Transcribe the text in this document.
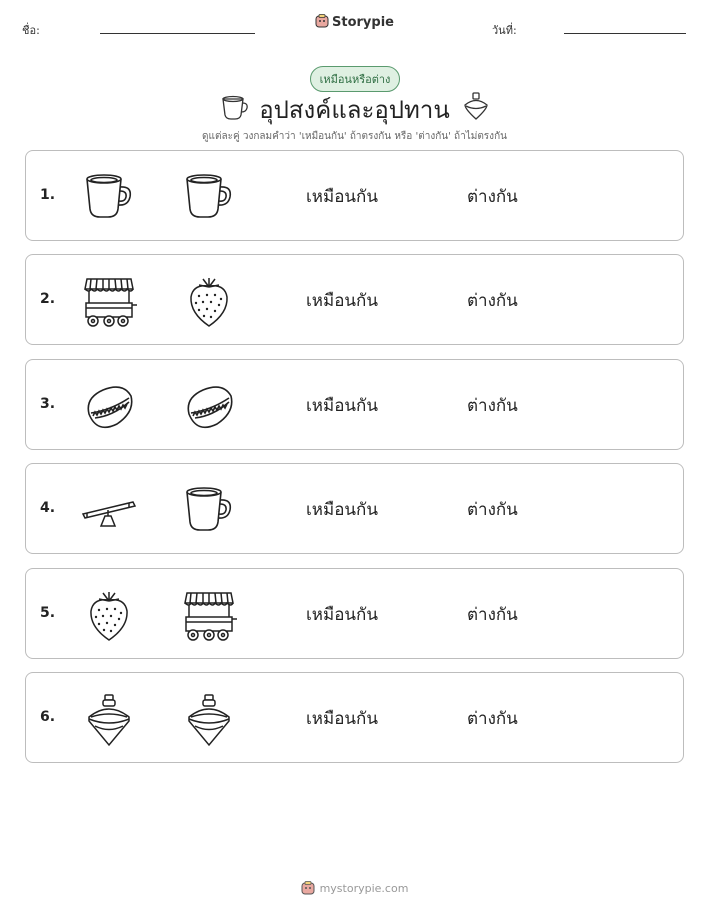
ชื่อ:
Storypie
วันที่:
เหมือนหรือต่าง
อุปสงค์และอุปทาน
ดูแต่ละคู่ วงกลมคำว่า 'เหมือนกัน' ถ้าตรงกัน หรือ 'ต่างกัน' ถ้าไม่ตรงกัน
1.	เหมือนกัน	ต่างกัน
2.	เหมือนกัน	ต่างกัน
3.	เหมือนกัน	ต่างกัน
4.	เหมือนกัน	ต่างกัน
5.	เหมือนกัน	ต่างกัน
6.	เหมือนกัน	ต่างกัน
mystorypie.com
